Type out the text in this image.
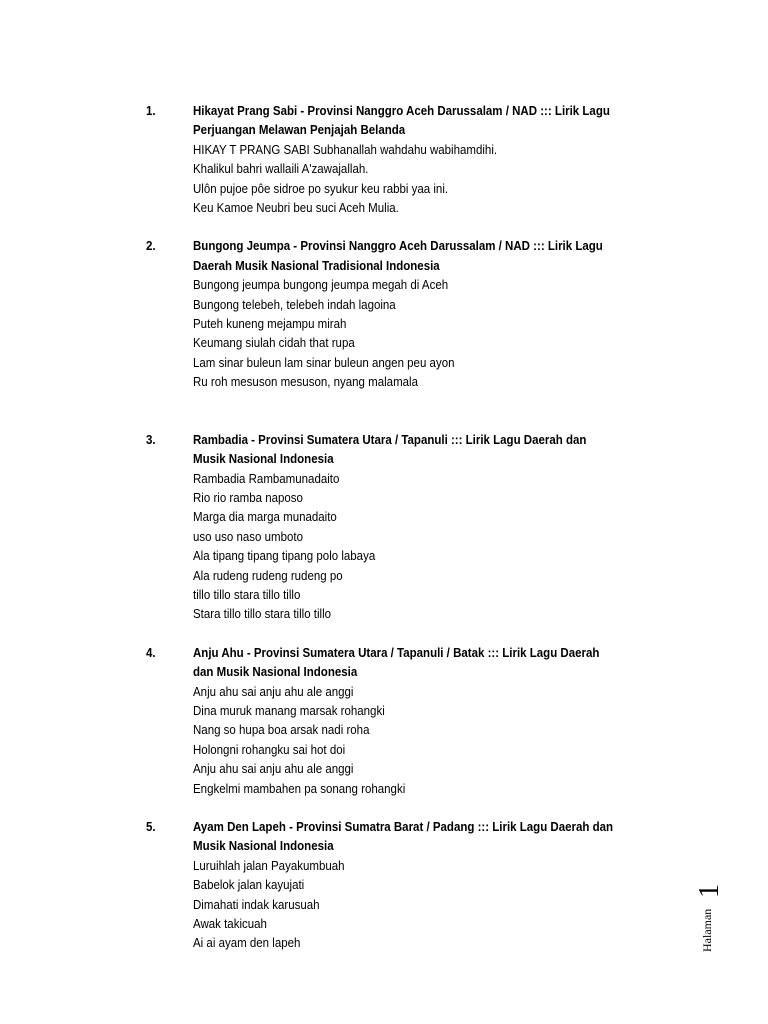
1.	Hikayat Prang Sabi - Provinsi Nanggro Aceh Darussalam / NAD ::: Lirik Lagu
Perjuangan Melawan Penjajah Belanda
HIKAY T PRANG SABI Subhanallah wahdahu wabihamdihi.
Khalikul bahri wallaili A'zawajallah.
Ulôn pujoe pôe sidroe po syukur keu rabbi yaa ini.
Keu Kamoe Neubri beu suci Aceh Mulia.
2.	Bungong Jeumpa - Provinsi Nanggro Aceh Darussalam / NAD ::: Lirik Lagu
Daerah Musik Nasional Tradisional Indonesia
Bungong jeumpa bungong jeumpa megah di Aceh
Bungong telebeh, telebeh indah lagoina
Puteh kuneng mejampu mirah
Keumang siulah cidah that rupa
Lam sinar buleun lam sinar buleun angen peu ayon
Ru roh mesuson mesuson, nyang malamala
3.	Rambadia - Provinsi Sumatera Utara / Tapanuli ::: Lirik Lagu Daerah dan
Musik Nasional Indonesia
Rambadia Rambamunadaito
Rio rio ramba naposo
Marga dia marga munadaito
uso uso naso umboto
Ala tipang tipang tipang polo labaya
Ala rudeng rudeng rudeng po
tillo tillo stara tillo tillo
Stara tillo tillo stara tillo tillo
4.	Anju Ahu - Provinsi Sumatera Utara / Tapanuli / Batak ::: Lirik Lagu Daerah
dan Musik Nasional Indonesia
Anju ahu sai anju ahu ale anggi
Dina muruk manang marsak rohangki
Nang so hupa boa arsak nadi roha
Holongni rohangku sai hot doi
Anju ahu sai anju ahu ale anggi
Engkelmi mambahen pa sonang rohangki
5.	Ayam Den Lapeh - Provinsi Sumatra Barat / Padang ::: Lirik Lagu Daerah dan
Musik Nasional Indonesia
Luruihlah jalan Payakumbuah
Babelok jalan kayujati
Dimahati indak karusuah
Awak takicuah
Ai ai ayam den lapeh
1
Halaman
